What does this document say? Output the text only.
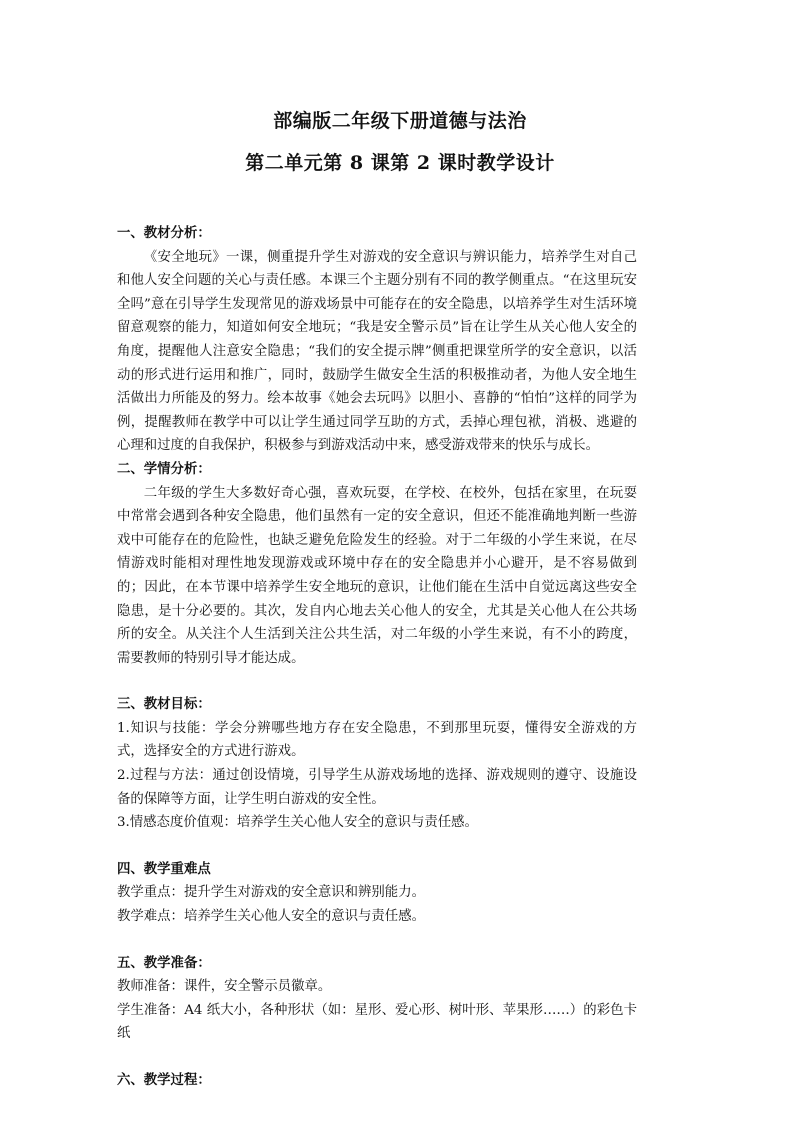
部编版二年级下册道德与法治
第二单元第 8 课第 2 课时教学设计

一、教材分析：

《安全地玩》一课，侧重提升学生对游戏的安全意识与辨识能力，培养学生对自己和他人安全问题的关心与责任感。本课三个主题分别有不同的教学侧重点。“在这里玩安全吗”意在引导学生发现常见的游戏场景中可能存在的安全隐患，以培养学生对生活环境留意观察的能力，知道如何安全地玩；“我是安全警示员”旨在让学生从关心他人安全的角度，提醒他人注意安全隐患；“我们的安全提示牌”侧重把课堂所学的安全意识，以活动的形式进行运用和推广，同时，鼓励学生做安全生活的积极推动者，为他人安全地生活做出力所能及的努力。绘本故事《她会去玩吗》以胆小、喜静的“怕怕”这样的同学为例，提醒教师在教学中可以让学生通过同学互助的方式，丢掉心理包袱，消极、逃避的心理和过度的自我保护，积极参与到游戏活动中来，感受游戏带来的快乐与成长。

二、学情分析：

二年级的学生大多数好奇心强，喜欢玩耍，在学校、在校外，包括在家里，在玩耍中常常会遇到各种安全隐患，他们虽然有一定的安全意识，但还不能准确地判断一些游戏中可能存在的危险性，也缺乏避免危险发生的经验。对于二年级的小学生来说，在尽情游戏时能相对理性地发现游戏或环境中存在的安全隐患并小心避开，是不容易做到的；因此，在本节课中培养学生安全地玩的意识，让他们能在生活中自觉远离这些安全隐患，是十分必要的。其次，发自内心地去关心他人的安全，尤其是关心他人在公共场所的安全。从关注个人生活到关注公共生活，对二年级的小学生来说，有不小的跨度，需要教师的特别引导才能达成。

三、教材目标：

1.知识与技能：学会分辨哪些地方存在安全隐患，不到那里玩耍，懂得安全游戏的方式，选择安全的方式进行游戏。

2.过程与方法：通过创设情境，引导学生从游戏场地的选择、游戏规则的遵守、设施设备的保障等方面，让学生明白游戏的安全性。

3.情感态度价值观：培养学生关心他人安全的意识与责任感。

四、教学重难点

教学重点：提升学生对游戏的安全意识和辨别能力。

教学难点：培养学生关心他人安全的意识与责任感。

五、教学准备：

教师准备：课件，安全警示员徽章。

学生准备：A4 纸大小，各种形状（如：星形、爱心形、树叶形、苹果形……）的彩色卡纸

六、教学过程：
